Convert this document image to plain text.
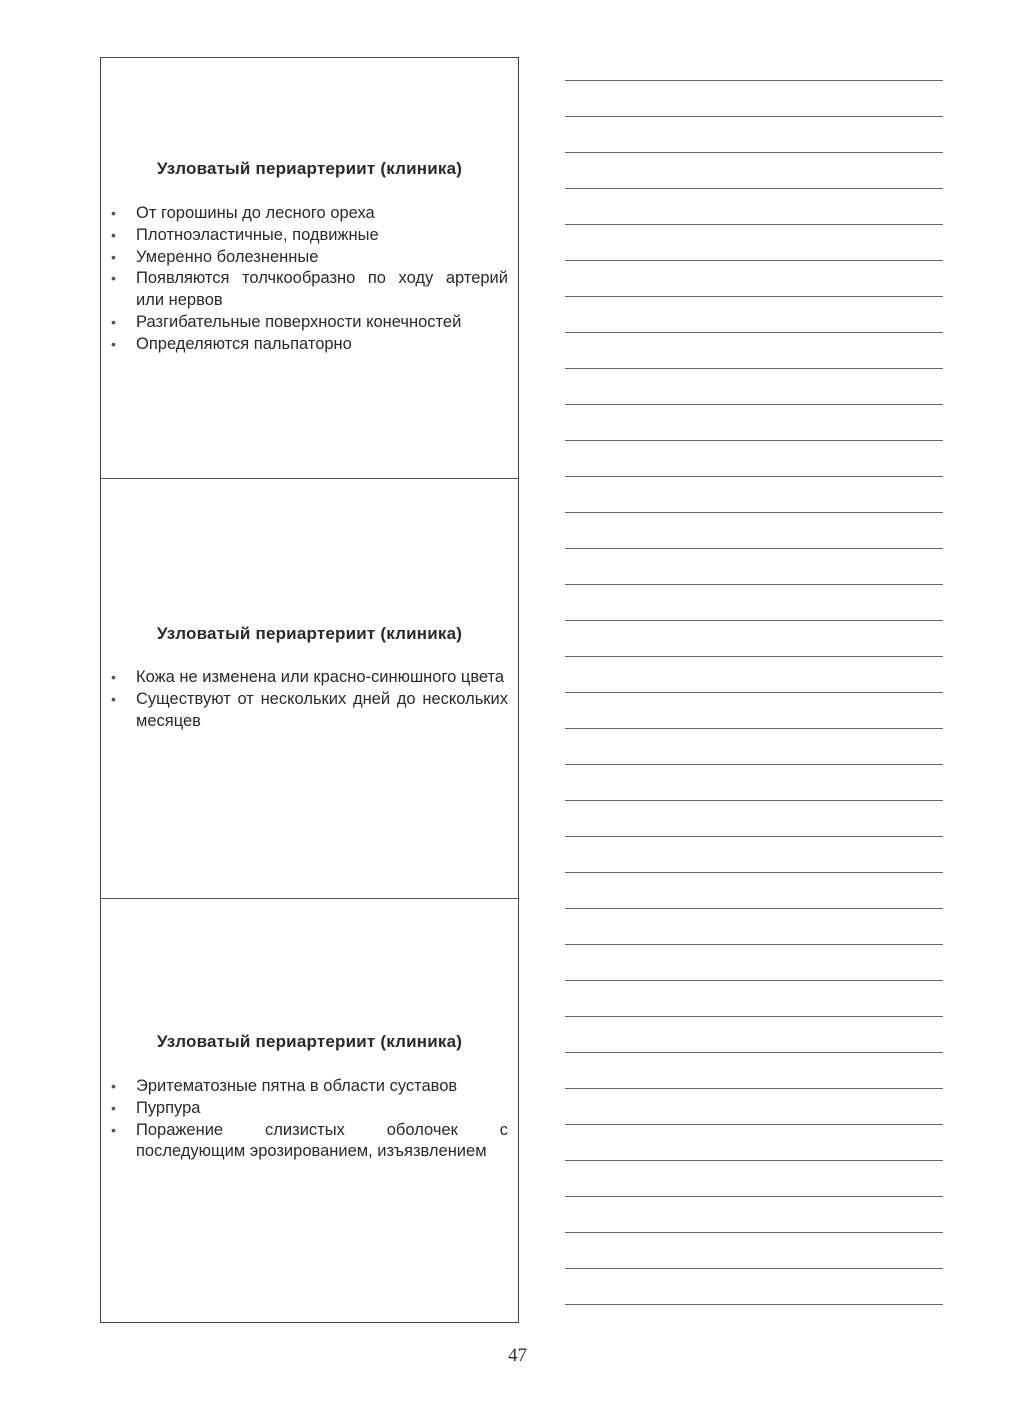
Узловатый периартериит (клиника)
• От горошины до лесного ореха
• Плотноэластичные, подвижные
• Умеренно болезненные
• Появляются толчкообразно по ходу артерий или нервов
• Разгибательные поверхности конечностей
• Определяются пальпаторно
Узловатый периартериит (клиника)
• Кожа не изменена или красно-синюшного цвета
• Существуют от нескольких дней до нескольких месяцев
Узловатый периартериит (клиника)
• Эритематозные пятна в области суставов
• Пурпура
• Поражение слизистых оболочек с последующим эрозированием, изъязвлением
47
